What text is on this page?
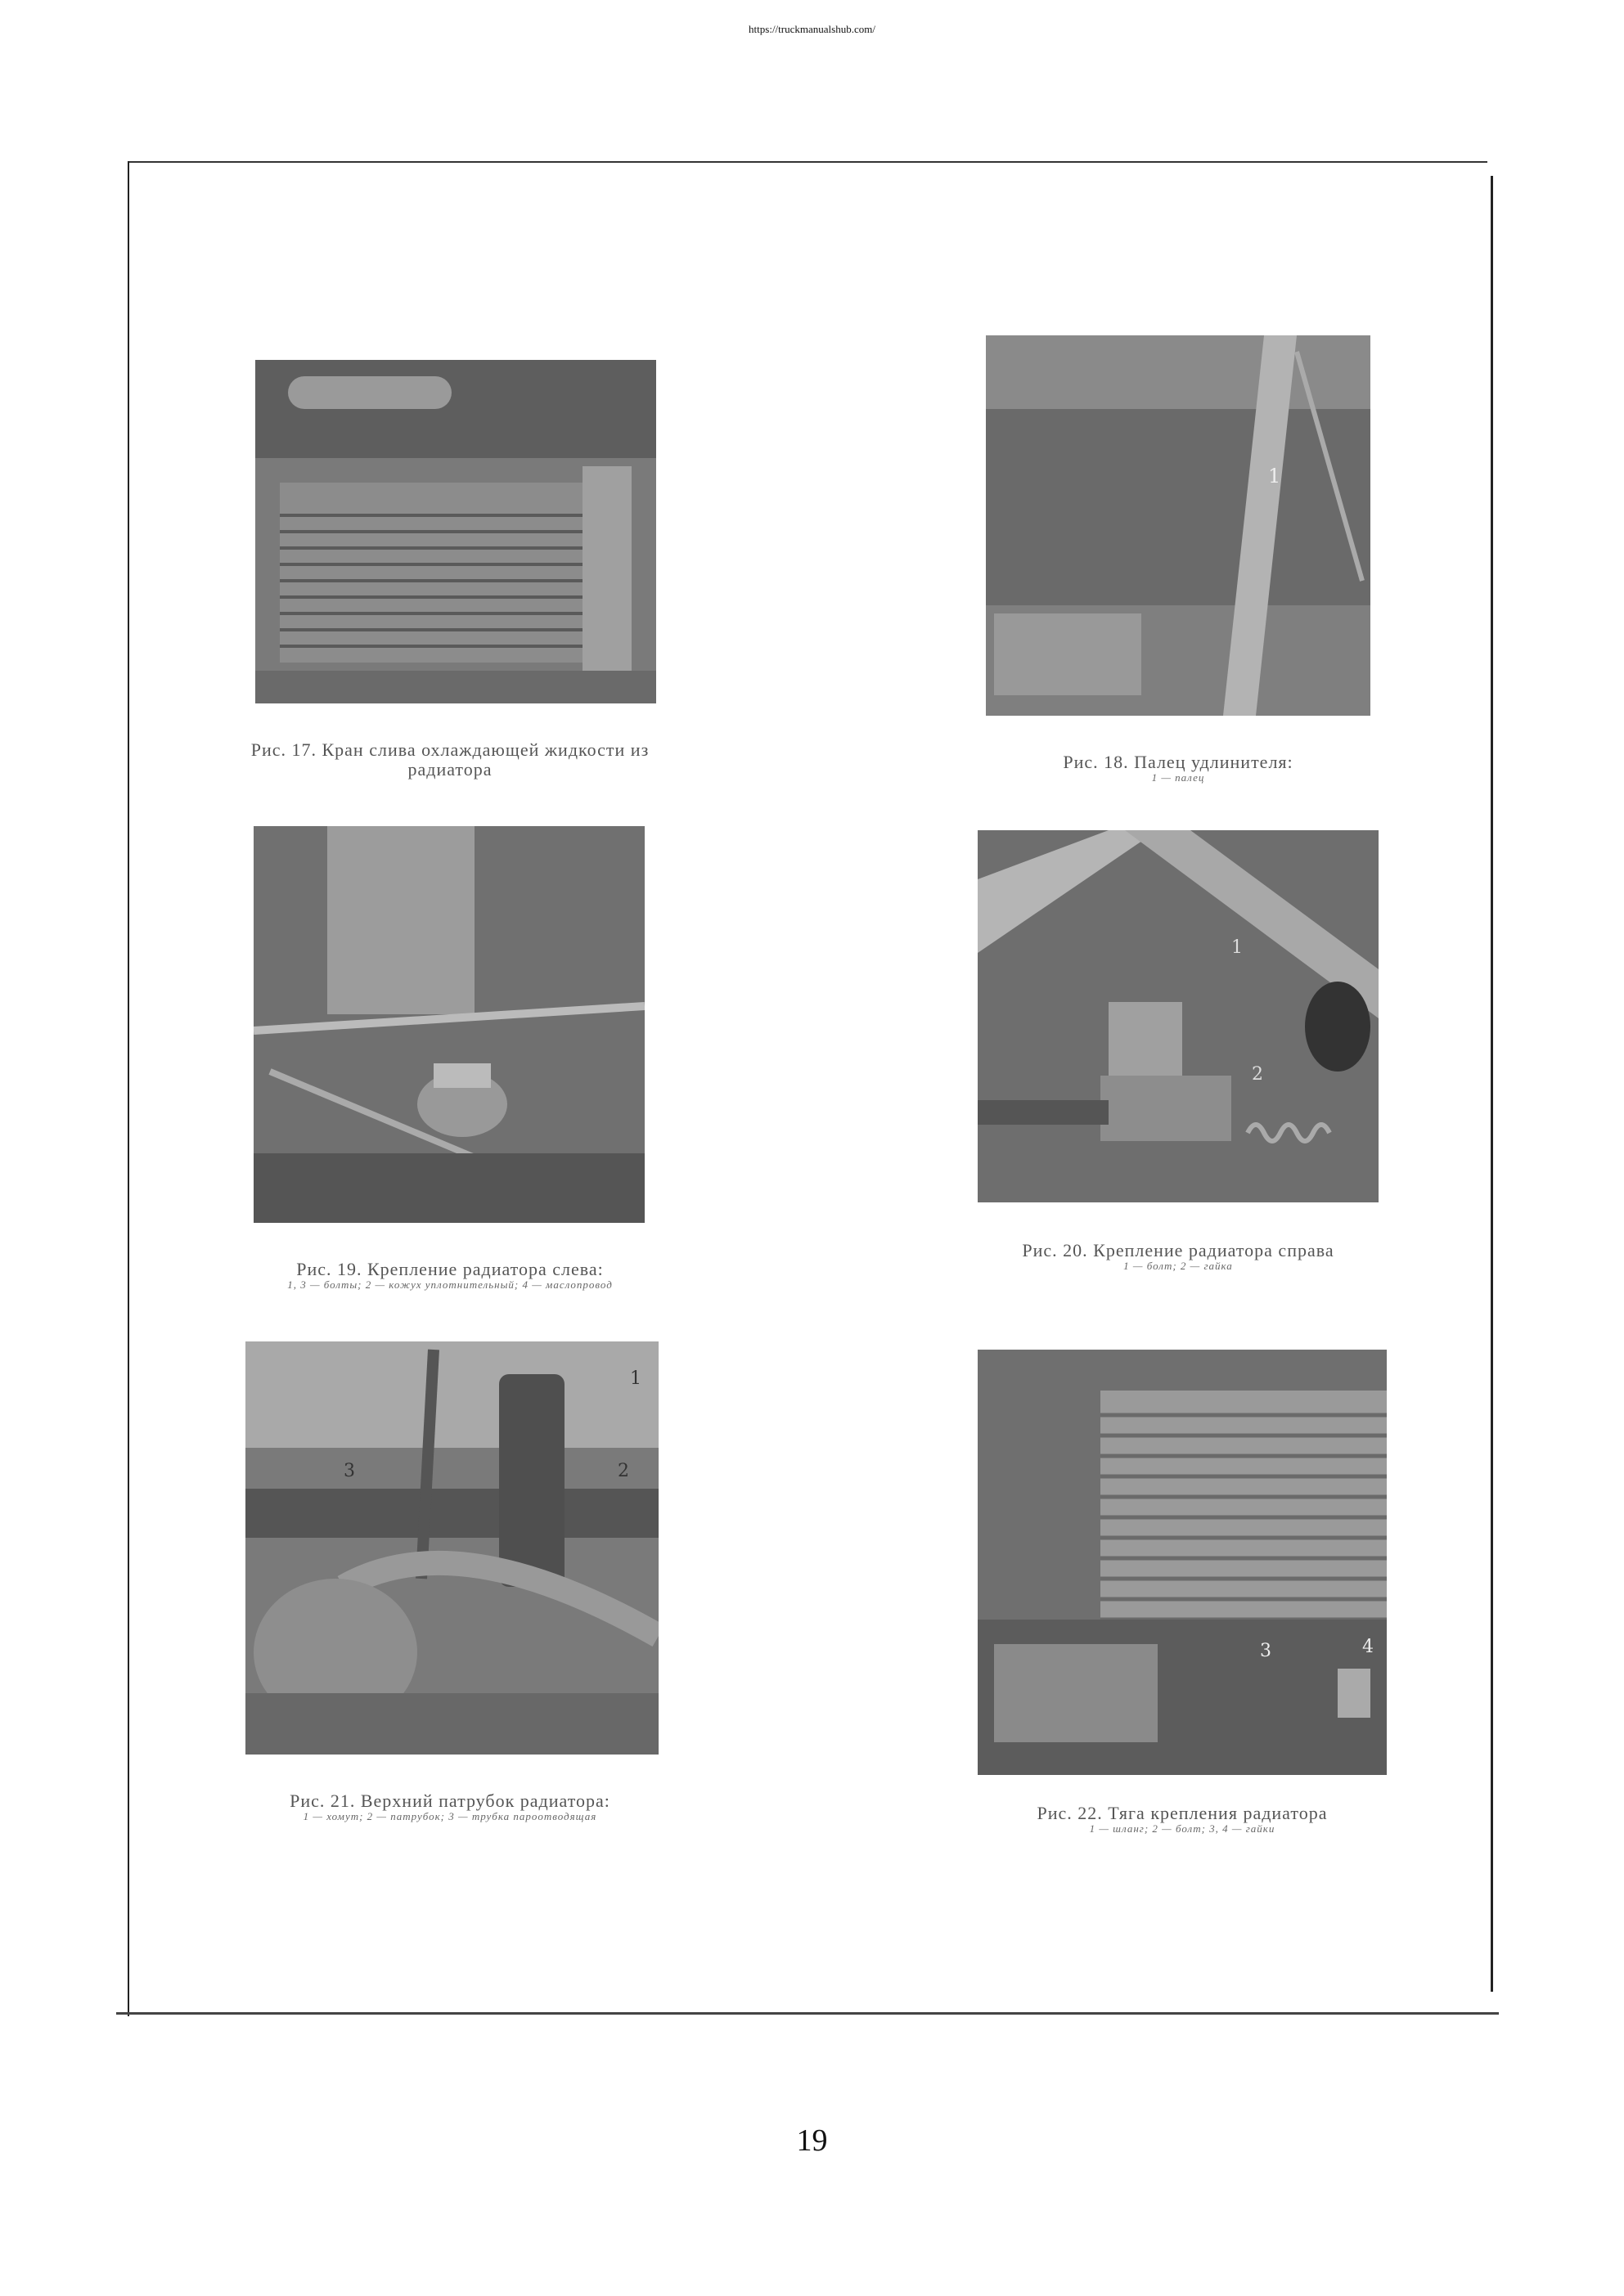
https://truckmanualshub.com/
Рис. 17. Кран слива охлаждающей жидкости из радиатора
1
Рис. 18. Палец удлинителя:
1 — палец
Рис. 19. Крепление радиатора слева:
1, 3 — болты; 2 — кожух уплотнительный; 4 — маслопровод
1
2
Рис. 20. Крепление радиатора справа
1 — болт; 2 — гайка
1
2
3
Рис. 21. Верхний патрубок радиатора:
1 — хомут; 2 — патрубок; 3 — трубка пароотводящая
3	4
Рис. 22. Тяга крепления радиатора
1 — шланг; 2 — болт; 3, 4 — гайки
19
